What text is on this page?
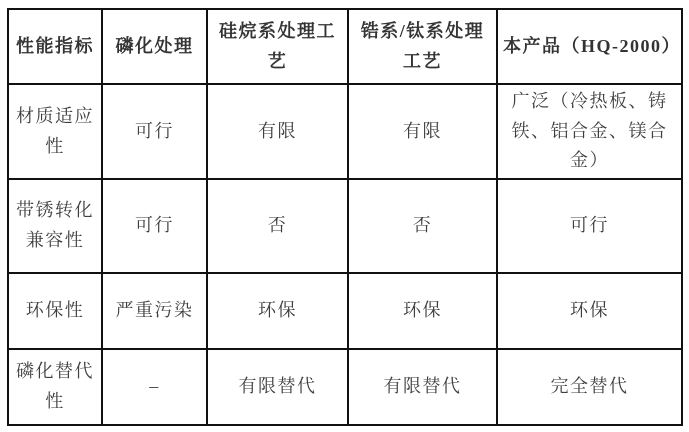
性能指标	磷化处理	硅烷系处理工艺	锆系/钛系处理工艺	本产品（HQ-2000）
材质适应性	可行	有限	有限	广泛（冷热板、铸铁、铝合金、镁合金）
带锈转化兼容性	可行	否	否	可行
环保性	严重污染	环保	环保	环保
磷化替代性	–	有限替代	有限替代	完全替代
